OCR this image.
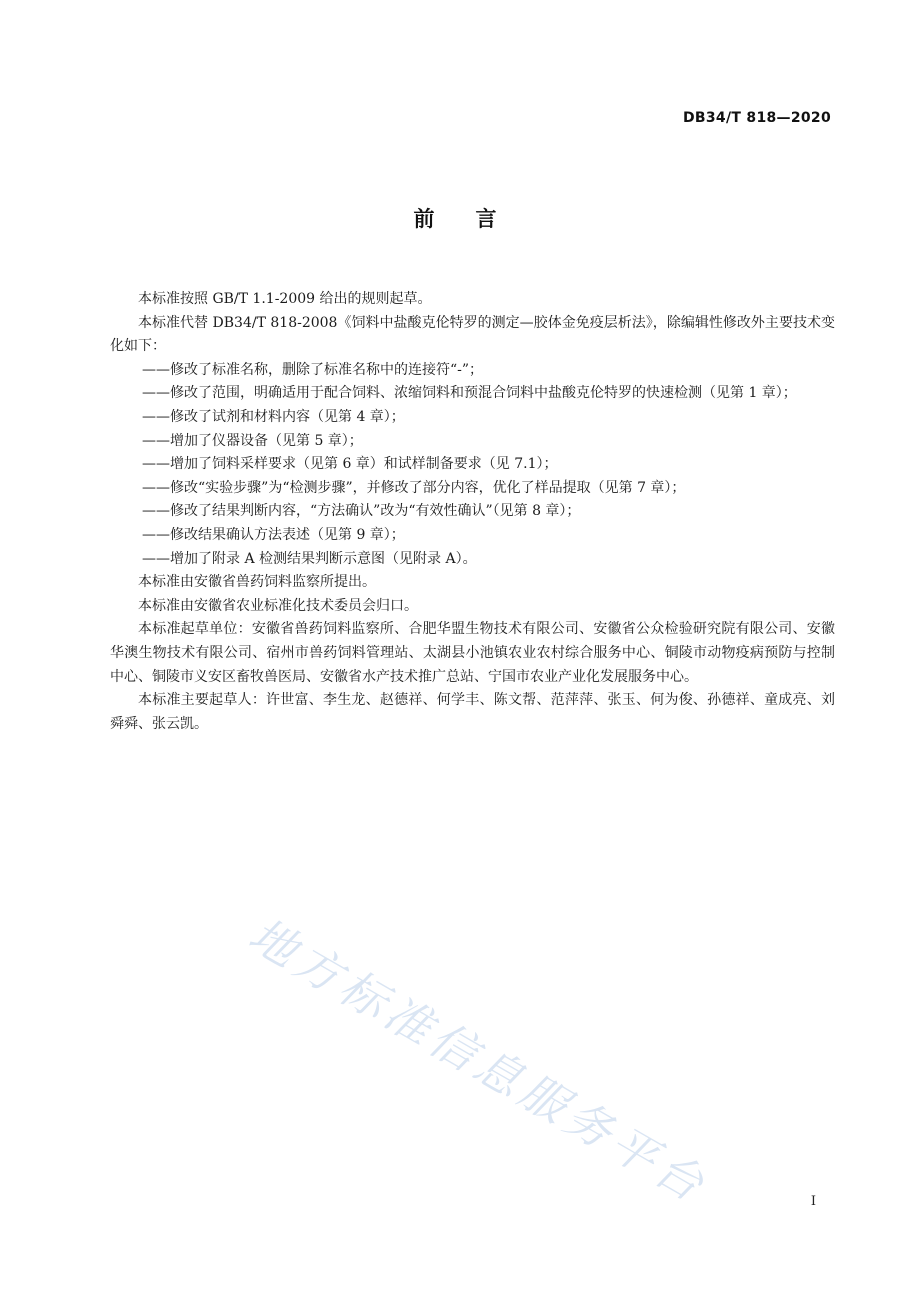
DB34/T 818—2020
前　言

本标准按照 GB/T 1.1-2009 给出的规则起草。

本标准代替 DB34/T 818-2008《饲料中盐酸克伦特罗的测定—胶体金免疫层析法》，除编辑性修改外主要技术变化如下：

——修改了标准名称，删除了标准名称中的连接符“-”；

——修改了范围，明确适用于配合饲料、浓缩饲料和预混合饲料中盐酸克伦特罗的快速检测（见第 1 章）；

——修改了试剂和材料内容（见第 4 章）；

——增加了仪器设备（见第 5 章）；

——增加了饲料采样要求（见第 6 章）和试样制备要求（见 7.1）；

——修改“实验步骤”为“检测步骤”，并修改了部分内容，优化了样品提取（见第 7 章）；

——修改了结果判断内容，“方法确认”改为“有效性确认”（见第 8 章）；

——修改结果确认方法表述（见第 9 章）；

——增加了附录 A 检测结果判断示意图（见附录 A）。

本标准由安徽省兽药饲料监察所提出。

本标准由安徽省农业标准化技术委员会归口。

本标准起草单位：安徽省兽药饲料监察所、合肥华盟生物技术有限公司、安徽省公众检验研究院有限公司、安徽华澳生物技术有限公司、宿州市兽药饲料管理站、太湖县小池镇农业农村综合服务中心、铜陵市动物疫病预防与控制中心、铜陵市义安区畜牧兽医局、安徽省水产技术推广总站、宁国市农业产业化发展服务中心。

本标准主要起草人：许世富、李生龙、赵德祥、何学丰、陈文帮、范萍萍、张玉、何为俊、孙德祥、童成亮、刘舜舜、张云凯。

地方标准信息服务平台	I
